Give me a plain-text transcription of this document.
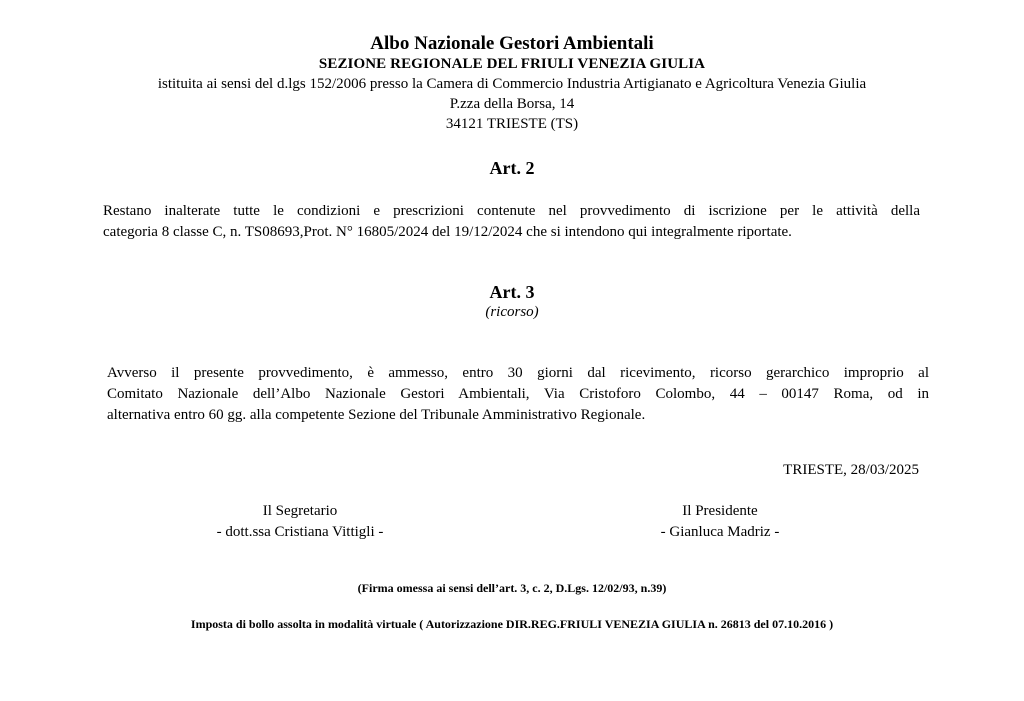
Albo Nazionale Gestori Ambientali
SEZIONE REGIONALE DEL FRIULI VENEZIA GIULIA
istituita ai sensi del d.lgs 152/2006 presso la Camera di Commercio Industria Artigianato e Agricoltura Venezia Giulia
P.zza della Borsa, 14
34121 TRIESTE (TS)
Art. 2
Restano inalterate tutte le condizioni e prescrizioni contenute nel provvedimento di iscrizione per le attività della
categoria 8 classe C, n. TS08693,Prot. N° 16805/2024 del 19/12/2024 che si intendono qui integralmente riportate.
Art. 3
(ricorso)
Avverso il presente provvedimento, è ammesso, entro 30 giorni dal ricevimento, ricorso gerarchico improprio al
Comitato Nazionale dell’Albo Nazionale Gestori Ambientali, Via Cristoforo Colombo, 44 – 00147 Roma, od in
alternativa entro 60 gg. alla competente Sezione del Tribunale Amministrativo Regionale.
TRIESTE, 28/03/2025
Il Segretario
- dott.ssa Cristiana Vittigli -
Il Presidente
- Gianluca Madriz -
(Firma omessa ai sensi dell’art. 3, c. 2, D.Lgs. 12/02/93, n.39)
Imposta di bollo assolta in modalità virtuale ( Autorizzazione DIR.REG.FRIULI VENEZIA GIULIA n. 26813 del 07.10.2016 )
